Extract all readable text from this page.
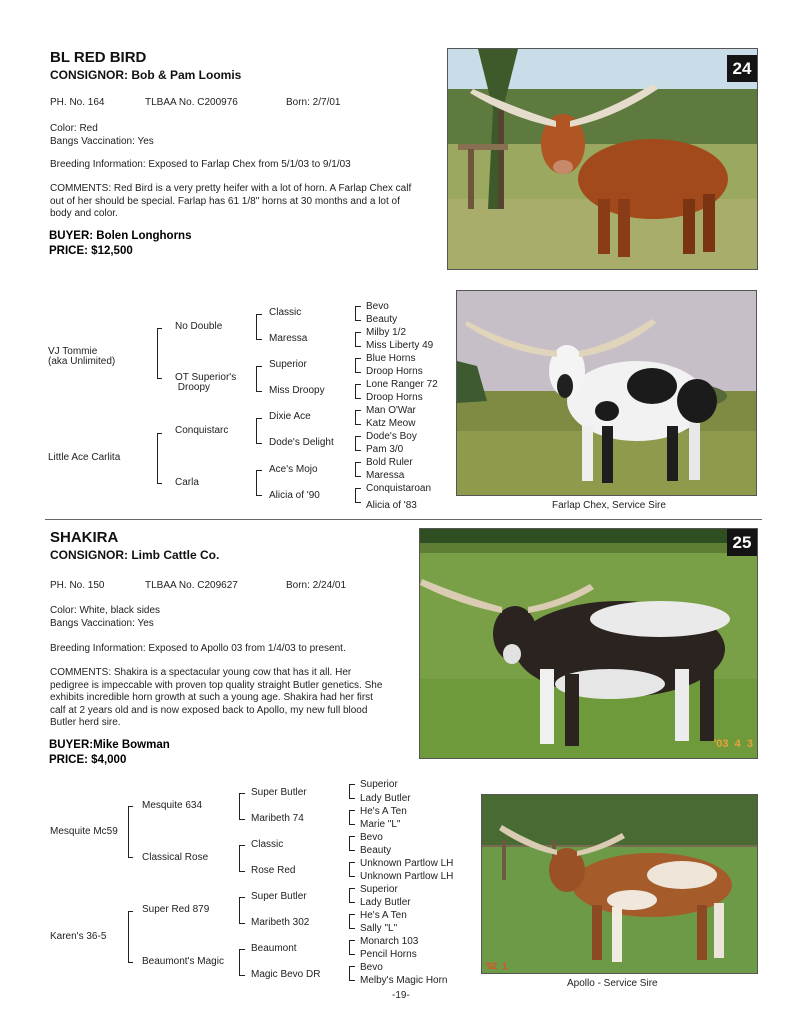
BL RED BIRD
CONSIGNOR: Bob & Pam Loomis
PH. No. 164	TLBAA No. C200976	Born: 2/7/01
Color: Red
Bangs Vaccination: Yes
Breeding Information: Exposed to Farlap Chex from 5/1/03 to 9/1/03
COMMENTS: Red Bird is a very pretty heifer with a lot of horn. A Farlap Chex calf out of her should be special. Farlap has 61 1/8" horns at 30 months and a lot of body and color.
BUYER: Bolen Longhorns
PRICE: $12,500
24
Farlap Chex, Service Sire
VJ Tommie
(aka Unlimited)
Little Ace Carlita
No Double
OT Superior's
Droopy
Conquistarc
Carla
Classic
Maressa
Superior
Miss Droopy
Dixie Ace
Dode's Delight
Ace's Mojo
Alicia of '90
Bevo
Beauty
Milby 1/2
Miss Liberty 49
Blue Horns
Droop Horns
Lone Ranger 72
Droop Horns
Man O'War
Katz Meow
Dode's Boy
Pam 3/0
Bold Ruler
Maressa
Conquistaroan
Alicia of '83
SHAKIRA
CONSIGNOR: Limb Cattle Co.
PH. No. 150	TLBAA No. C209627	Born: 2/24/01
Color: White, black sides
Bangs Vaccination: Yes
Breeding Information: Exposed to Apollo 03 from 1/4/03 to present.
COMMENTS: Shakira is a spectacular young cow that has it all. Her pedigree is impeccable with proven top quality straight Butler genetics. She exhibits incredible horn growth at such a young age. Shakira had her first calf at 2 years old and is now exposed back to Apollo, my new full blood Butler herd sire.
BUYER:Mike Bowman
PRICE: $4,000
25
'03  4  3
'02  1
Apollo - Service Sire
Mesquite Mc59
Karen's 36-5
Mesquite 634
Classical Rose
Super Red 879
Beaumont's Magic
Super Butler
Maribeth 74
Classic
Rose Red
Super Butler
Maribeth 302
Beaumont
Magic Bevo DR
Superior
Lady Butler
He's A Ten
Marie "L"
Bevo
Beauty
Unknown Partlow LH
Unknown Partlow LH
Superior
Lady Butler
He's A Ten
Sally "L"
Monarch 103
Pencil Horns
Bevo
Melby's Magic Horn
-19-
